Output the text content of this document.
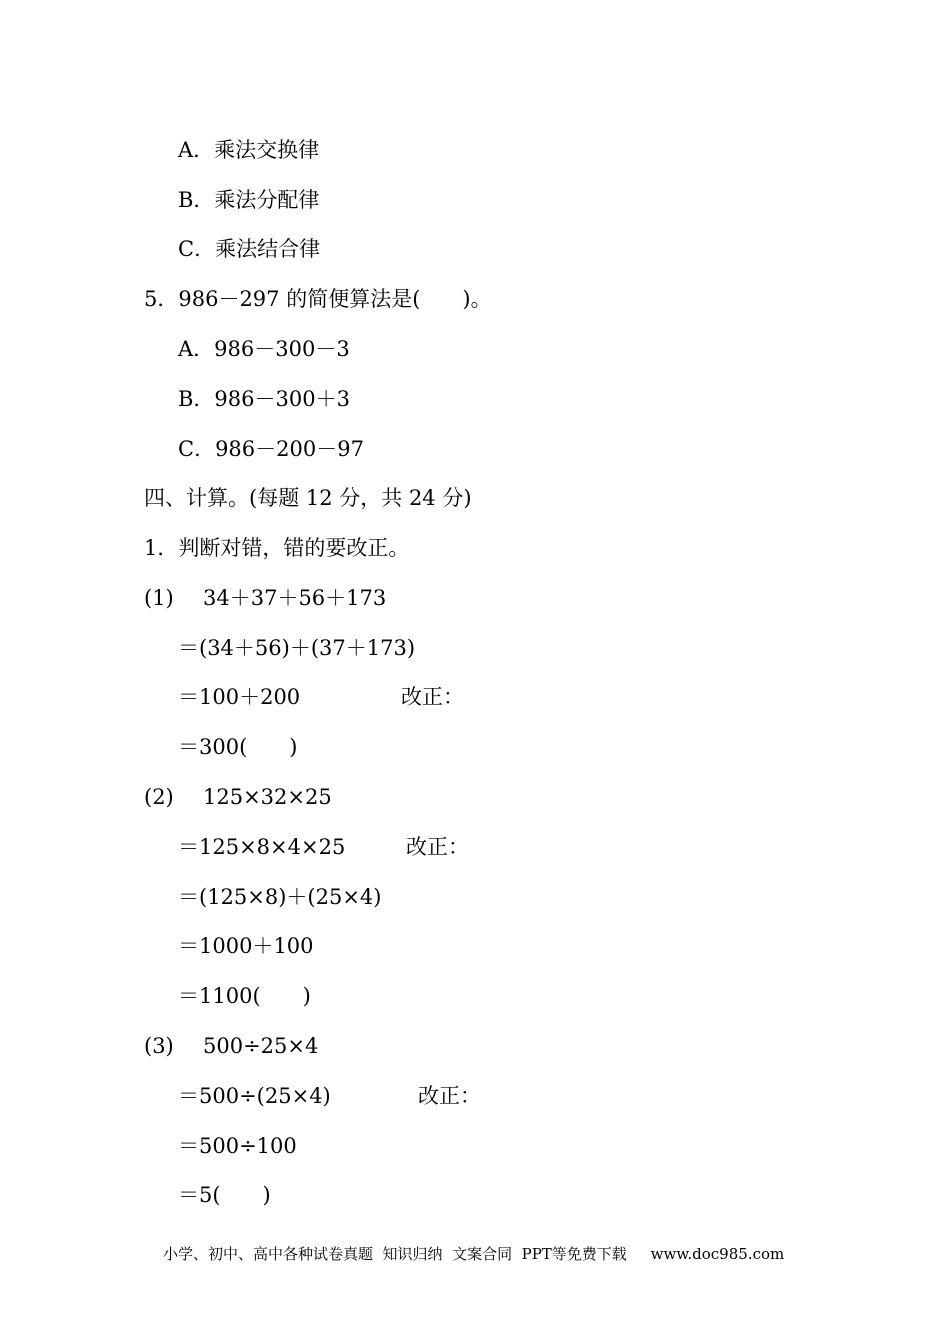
A．乘法交换律
B．乘法分配律
C．乘法结合律
5．986－297 的简便算法是(　　)。
A．986－300－3
B．986－300＋3
C．986－200－97
四、计算。(每题 12 分，共 24 分)
1．判断对错，错的要改正。
(1) 34＋37＋56＋173
＝(34＋56)＋(37＋173)
＝100＋200	改正：
＝300(　　)
(2) 125×32×25
＝125×8×4×25	改正：
＝(125×8)＋(25×4)
＝1000＋100
＝1100(　　)
(3) 500÷25×4
＝500÷(25×4)	改正：
＝500÷100
＝5(　　)
小学、初中、高中各种试卷真题  知识归纳  文案合同  PPT等免费下载     www.doc985.com
